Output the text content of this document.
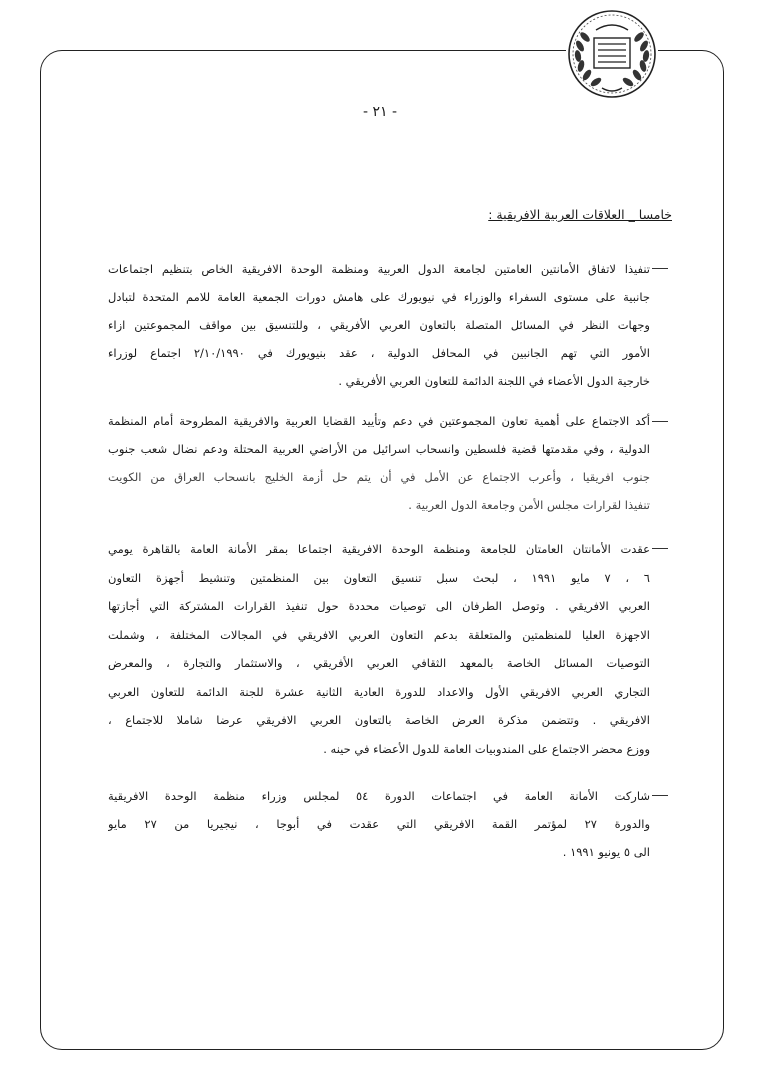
- ٢١ -
خامسا _ العلاقات العربية الافريقية :
تنفيذا لاتفاق الأمانتين العامتين لجامعة الدول العربية ومنظمة الوحدة الافريقية الخاص بتنظيم اجتماعات
جانبية على مستوى السفراء والوزراء في نيويورك على هامش دورات الجمعية العامة للامم المتحدة لتبادل
وجهات النظر في المسائل المتصلة بالتعاون العربي الأفريقي ، وللتنسيق بين مواقف المجموعتين ازاء
الأمور التي تهم الجانبين في المحافل الدولية ، عقد بنيويورك في ٢/١٠/١٩٩٠ اجتماع لوزراء
خارجية الدول الأعضاء في اللجنة الدائمة للتعاون العربي الأفريقي .
أكد الاجتماع على أهمية تعاون المجموعتين في دعم وتأييد القضايا العربية والافريقية المطروحة أمام المنظمة
الدولية ، وفي مقدمتها قضية فلسطين وانسحاب اسرائيل من الأراضي العربية المحتلة ودعم نضال شعب جنوب
جنوب افريقيا ، وأعرب الاجتماع عن الأمل في أن يتم حل أزمة الخليج بانسحاب العراق من الكويت
تنفيذا لقرارات مجلس الأمن وجامعة الدول العربية .
عقدت الأمانتان العامتان للجامعة ومنظمة الوحدة الافريقية اجتماعا بمقر الأمانة العامة بالقاهرة يومي
٦ ، ٧ مايو ١٩٩١ ، لبحث سبل تنسيق التعاون بين المنظمتين وتنشيط أجهزة التعاون
العربي الافريقي . وتوصل الطرفان الى توصيات محددة حول تنفيذ القرارات المشتركة التي أجازتها
الاجهزة العليا للمنظمتين والمتعلقة بدعم التعاون العربي الافريقي في المجالات المختلفة ، وشملت
التوصيات المسائل الخاصة بالمعهد الثقافي العربي الأفريقي ، والاستثمار والتجارة ، والمعرض
التجاري العربي الافريقي الأول والاعداد للدورة العادية الثانية عشرة للجنة الدائمة للتعاون العربي
الافريقي . وتتضمن مذكرة العرض الخاصة بالتعاون العربي الافريقي عرضا شاملا للاجتماع ،
ووزع محضر الاجتماع على المندوبيات العامة للدول الأعضاء في حينه .
شاركت الأمانة العامة في اجتماعات الدورة ٥٤ لمجلس وزراء منظمة الوحدة الافريقية
والدورة ٢٧ لمؤتمر القمة الافريقي التي عقدت في أبوجا ، نيجيريا من ٢٧ مايو
الى ٥ يونيو ١٩٩١ .
